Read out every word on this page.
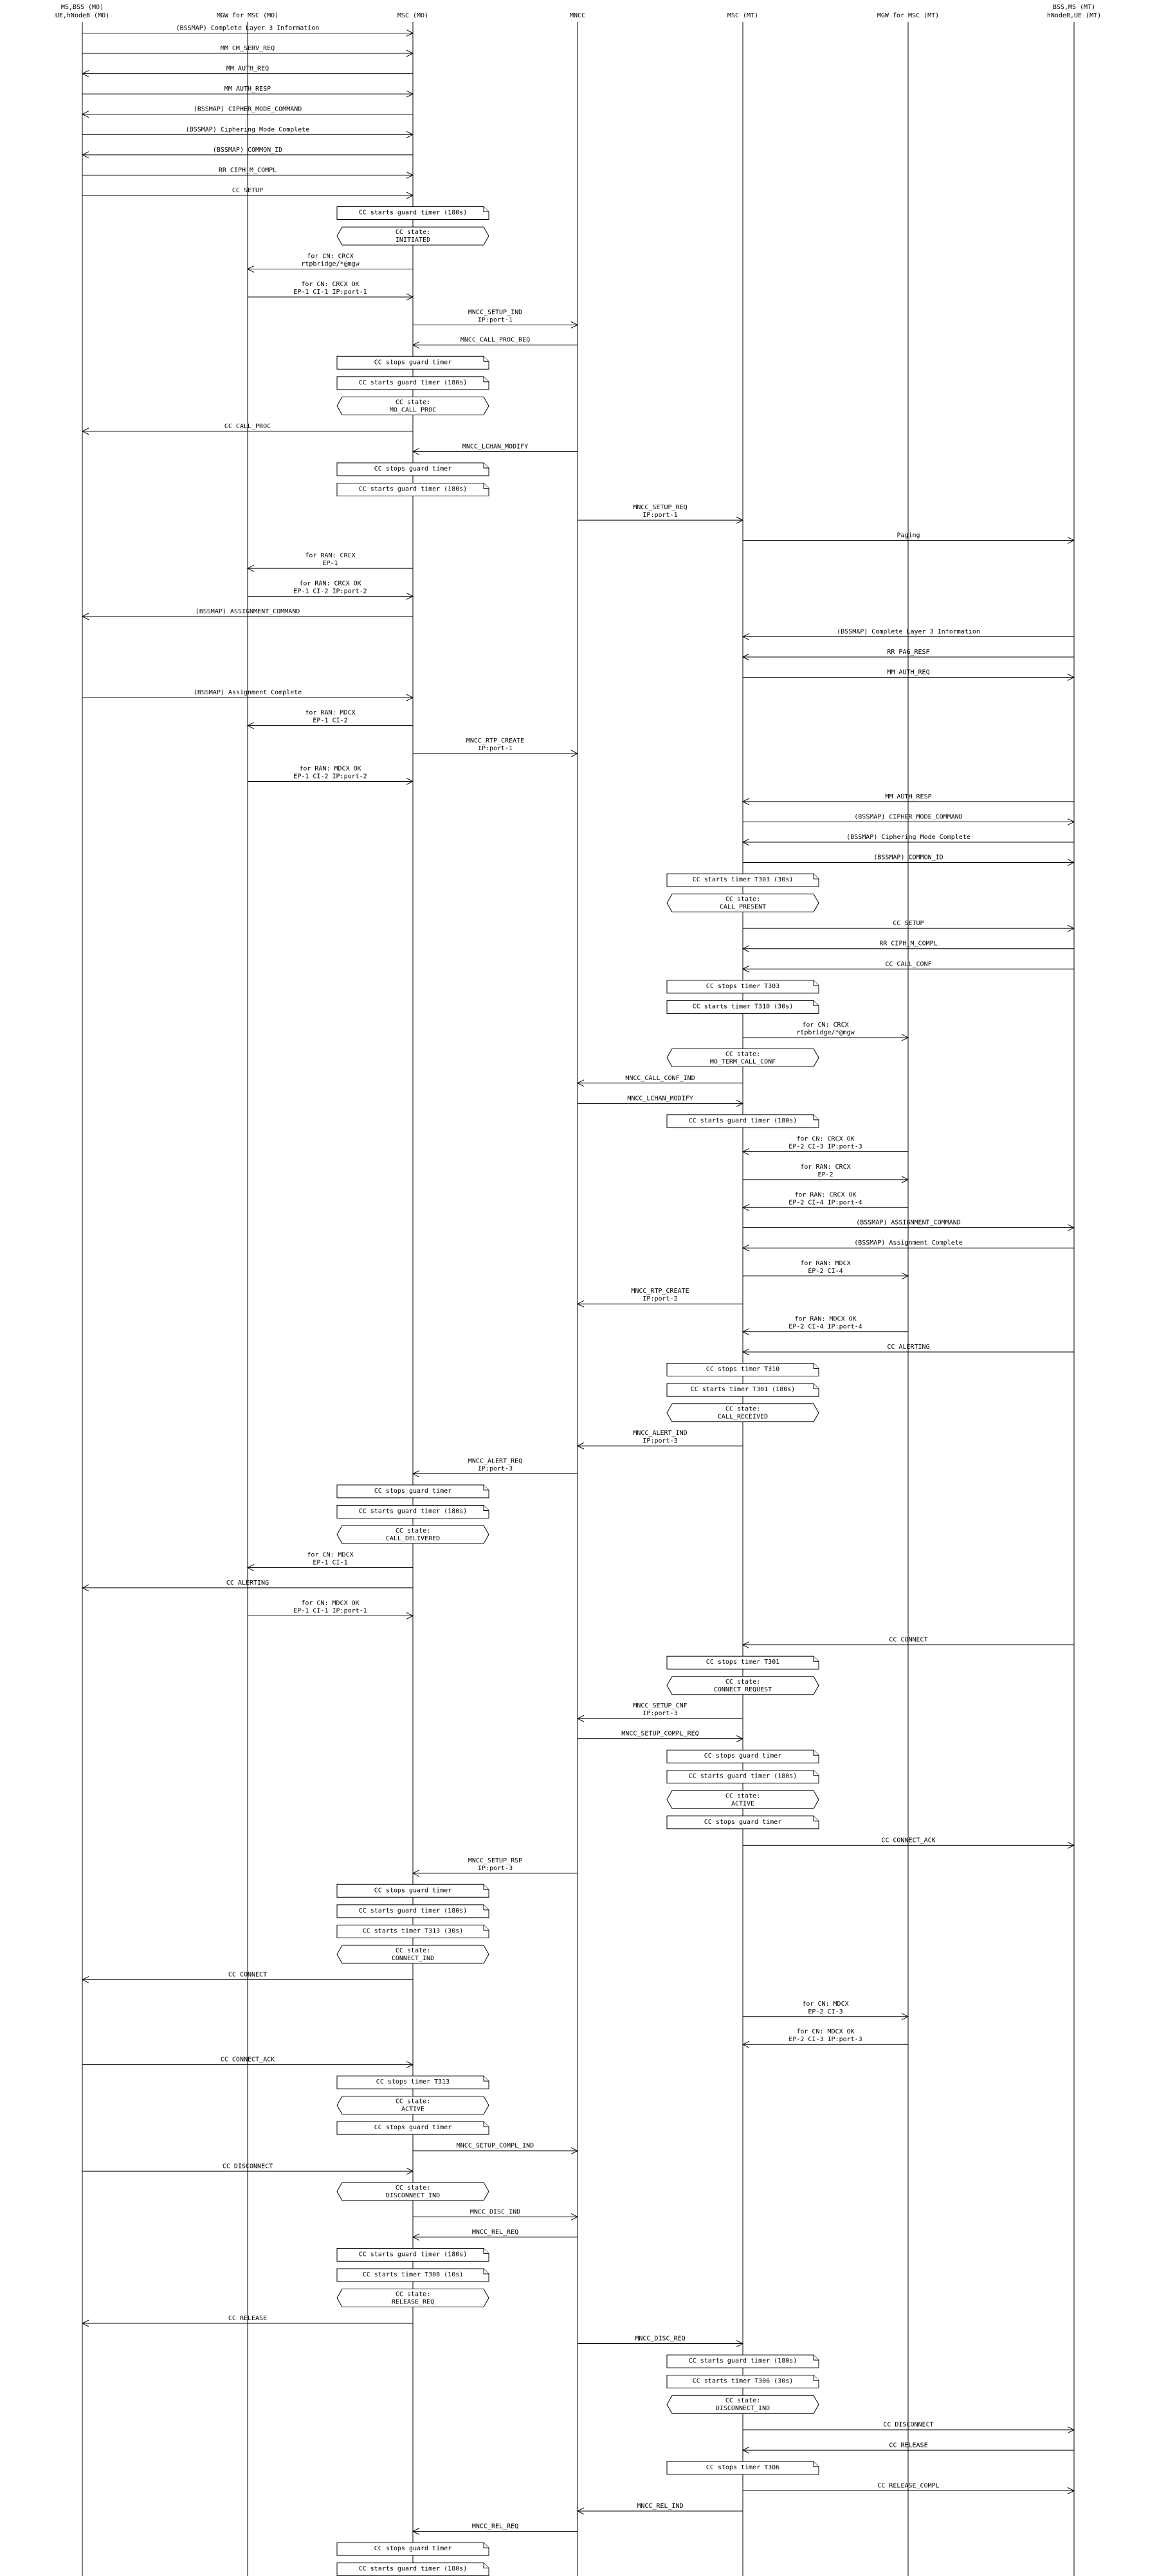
MS,BSS (MO)
UE,hNodeB (MO)	MGW for MSC (MO)	MSC (MO)	MNCC	MSC (MT)	MGW for MSC (MT)
BSS,MS (MT)
hNodeB,UE (MT)
(BSSMAP) Complete Layer 3 Information
MM CM_SERV_REQ
MM AUTH_REQ
MM AUTH_RESP
(BSSMAP) CIPHER_MODE_COMMAND
(BSSMAP) Ciphering Mode Complete
(BSSMAP) COMMON_ID
RR CIPH_M_COMPL
CC SETUP
CC starts guard timer (180s)
CC state:
INITIATED
for CN: CRCX
rtpbridge/*@mgw
for CN: CRCX OK
EP-1 CI-1 IP:port-1
MNCC_SETUP_IND
IP:port-1
MNCC_CALL_PROC_REQ
CC stops guard timer
CC starts guard timer (180s)
CC state:
MO_CALL_PROC
CC CALL_PROC
MNCC_LCHAN_MODIFY
CC stops guard timer
CC starts guard timer (180s)
MNCC_SETUP_REQ
IP:port-1
Paging
for RAN: CRCX
EP-1
for RAN: CRCX OK
EP-1 CI-2 IP:port-2
(BSSMAP) ASSIGNMENT_COMMAND
(BSSMAP) Complete Layer 3 Information
RR PAG_RESP
MM AUTH_REQ
(BSSMAP) Assignment Complete
for RAN: MDCX
EP-1 CI-2
MNCC_RTP_CREATE
IP:port-1
for RAN: MDCX OK
EP-1 CI-2 IP:port-2
MM AUTH_RESP
(BSSMAP) CIPHER_MODE_COMMAND
(BSSMAP) Ciphering Mode Complete
(BSSMAP) COMMON_ID
CC starts timer T303 (30s)
CC state:
CALL_PRESENT
CC SETUP
RR CIPH_M_COMPL
CC CALL_CONF
CC stops timer T303
CC starts timer T310 (30s)
for CN: CRCX
rtpbridge/*@mgw
CC state:
MO_TERM_CALL_CONF
MNCC_CALL_CONF_IND
MNCC_LCHAN_MODIFY
CC starts guard timer (180s)
for CN: CRCX OK
EP-2 CI-3 IP:port-3
for RAN: CRCX
EP-2
for RAN: CRCX OK
EP-2 CI-4 IP:port-4
(BSSMAP) ASSIGNMENT_COMMAND
(BSSMAP) Assignment Complete
for RAN: MDCX
EP-2 CI-4
MNCC_RTP_CREATE
IP:port-2
for RAN: MDCX OK
EP-2 CI-4 IP:port-4
CC ALERTING
CC stops timer T310
CC starts timer T301 (180s)
CC state:
CALL_RECEIVED
MNCC_ALERT_IND
IP:port-3
MNCC_ALERT_REQ
IP:port-3
CC stops guard timer
CC starts guard timer (180s)
CC state:
CALL_DELIVERED
for CN: MDCX
EP-1 CI-1
CC ALERTING
for CN: MDCX OK
EP-1 CI-1 IP:port-1
CC CONNECT
CC stops timer T301
CC state:
CONNECT_REQUEST
MNCC_SETUP_CNF
IP:port-3
MNCC_SETUP_COMPL_REQ
CC stops guard timer
CC starts guard timer (180s)
CC state:
ACTIVE
CC stops guard timer
CC CONNECT_ACK
MNCC_SETUP_RSP
IP:port-3
CC stops guard timer
CC starts guard timer (180s)
CC starts timer T313 (30s)
CC state:
CONNECT_IND
CC CONNECT
for CN: MDCX
EP-2 CI-3
for CN: MDCX OK
EP-2 CI-3 IP:port-3
CC CONNECT_ACK
CC stops timer T313
CC state:
ACTIVE
CC stops guard timer
MNCC_SETUP_COMPL_IND
CC DISCONNECT
CC state:
DISCONNECT_IND
MNCC_DISC_IND
MNCC_REL_REQ
CC starts guard timer (180s)
CC starts timer T308 (10s)
CC state:
RELEASE_REQ
CC RELEASE
MNCC_DISC_REQ
CC starts guard timer (180s)
CC starts timer T306 (30s)
CC state:
DISCONNECT_IND
CC DISCONNECT
CC RELEASE
CC stops timer T306
CC RELEASE_COMPL
MNCC_REL_IND
MNCC_REL_REQ
CC stops guard timer
CC starts guard timer (180s)
